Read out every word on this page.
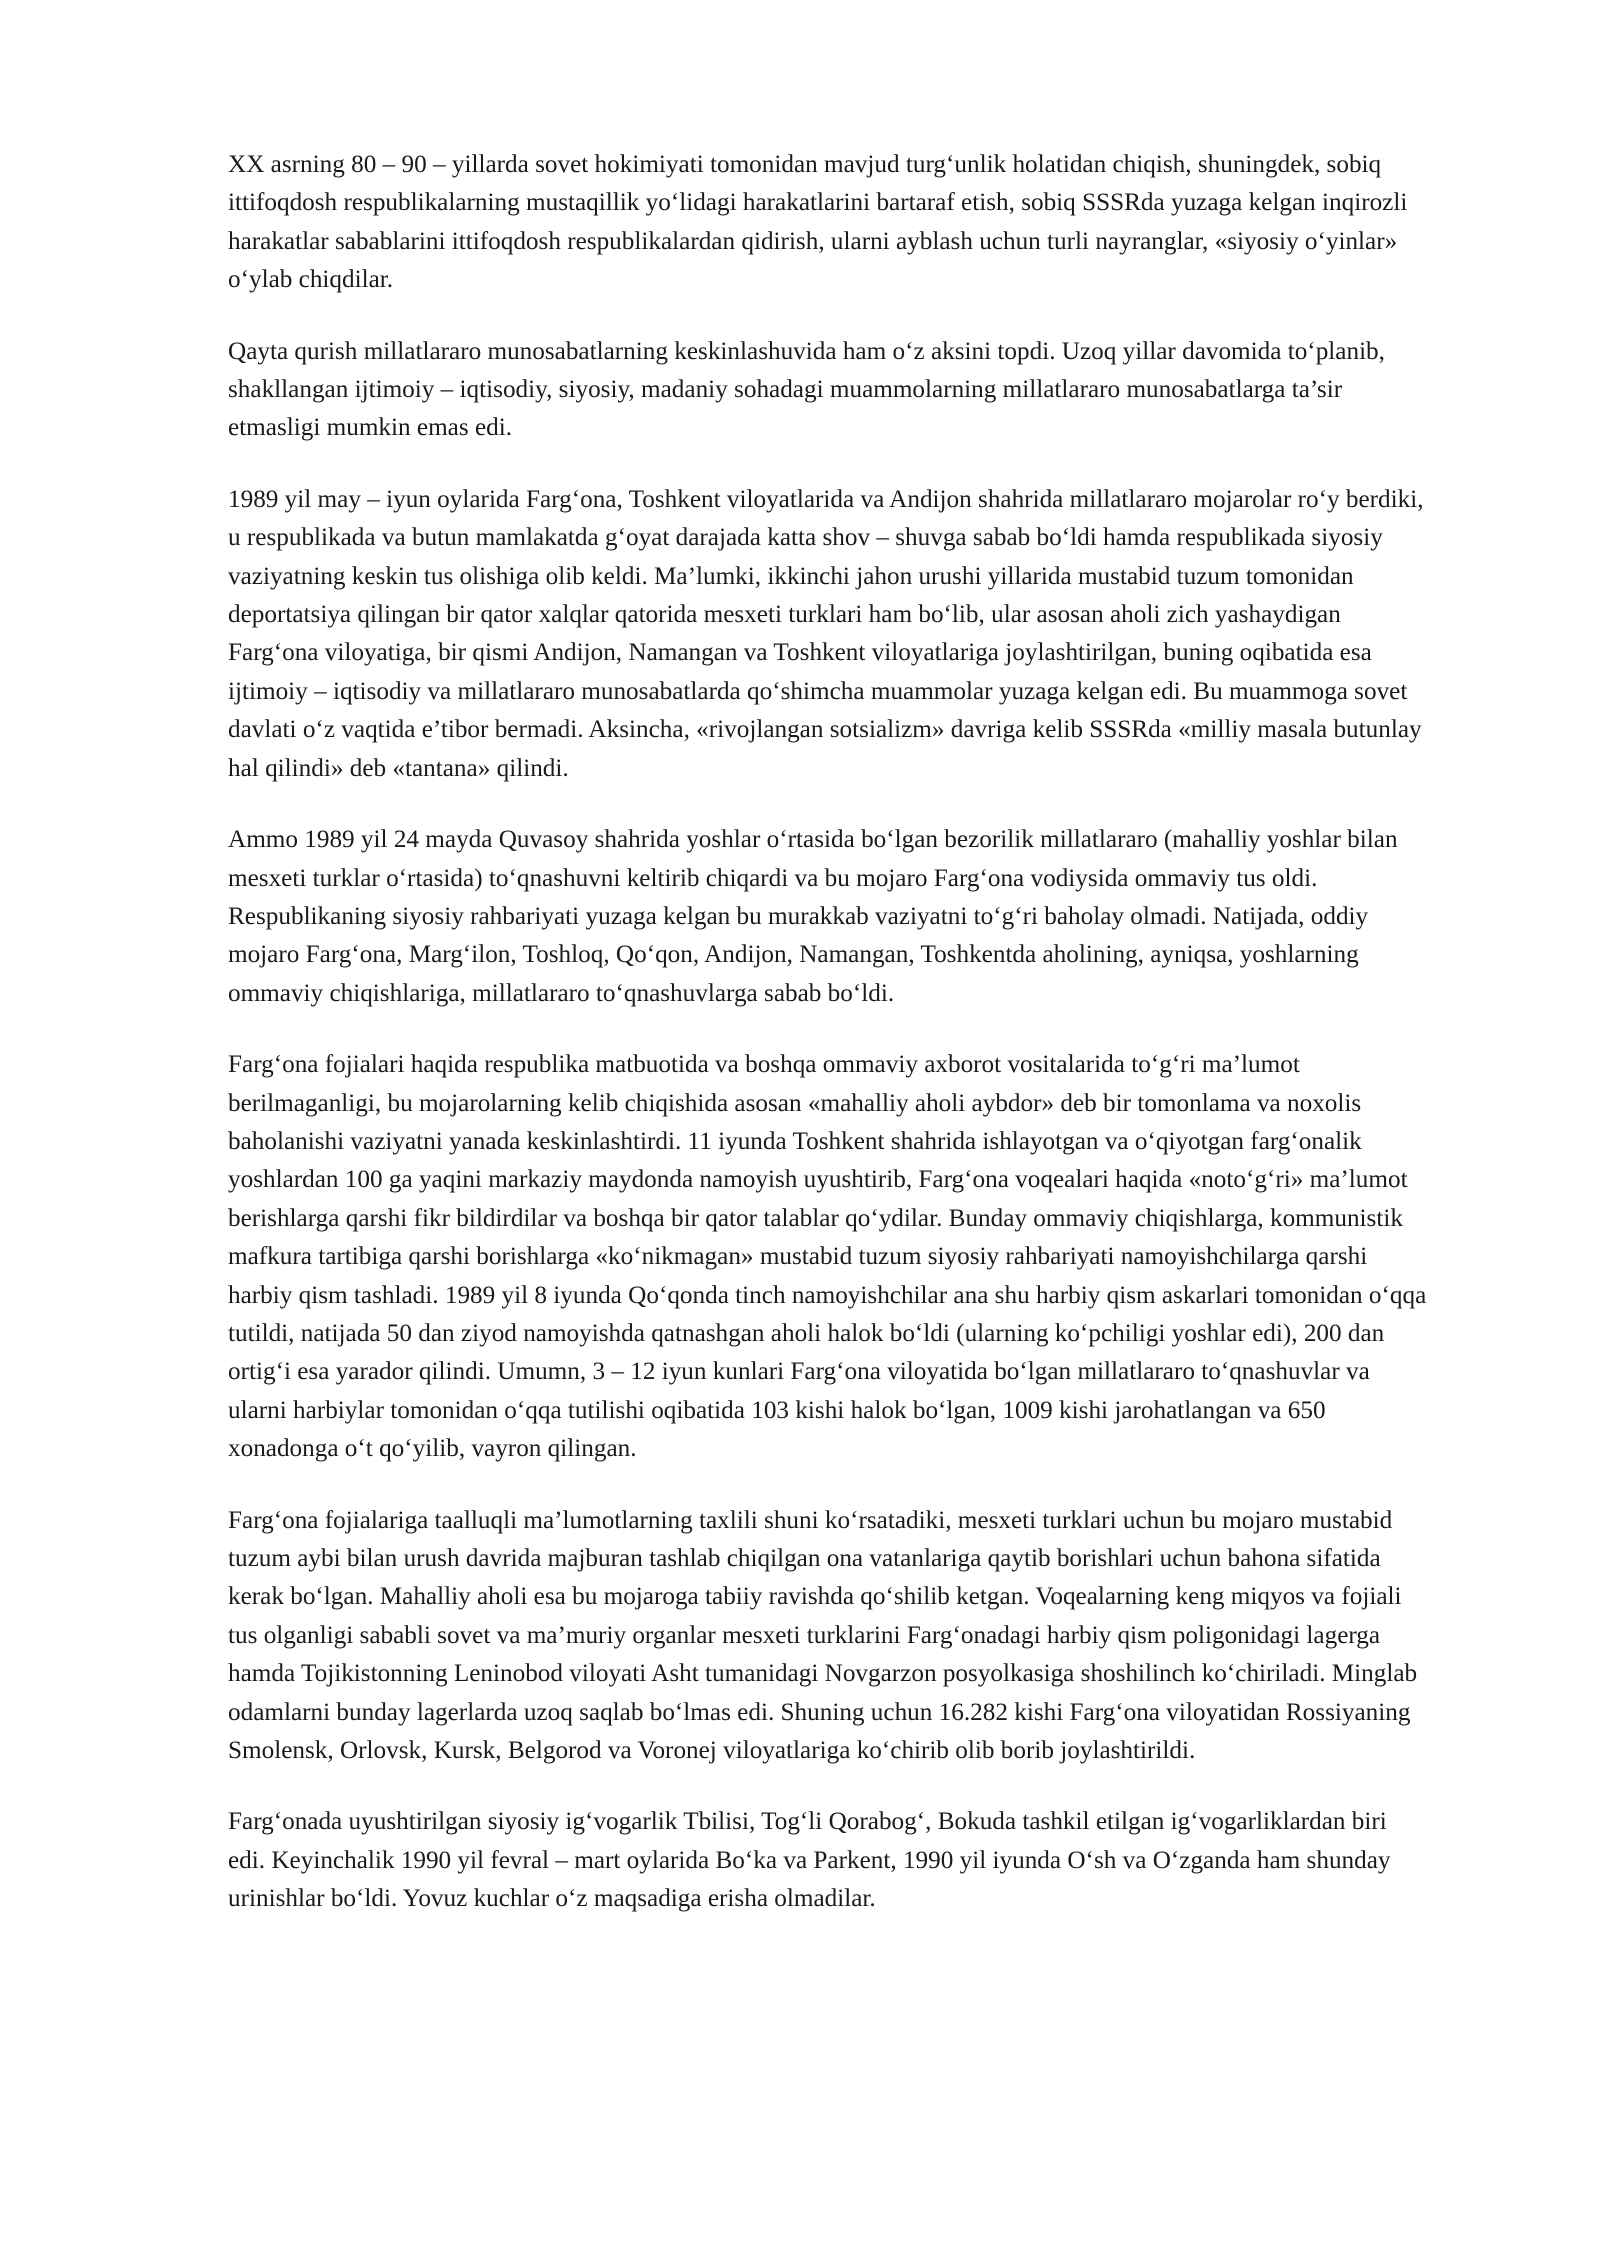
XX asrning 80 – 90 – yillarda sovet hokimiyati tomonidan mavjud turg‘unlik holatidan chiqish, shuningdek, sobiq ittifoqdosh respublikalarning mustaqillik yo‘lidagi harakatlarini bartaraf etish, sobiq SSSRda yuzaga kelgan inqirozli harakatlar sabablarini ittifoqdosh respublikalardan qidirish, ularni ayblash uchun turli nayranglar, «siyosiy o‘yinlar» o‘ylab chiqdilar.

Qayta qurish millatlararo munosabatlarning keskinlashuvida ham o‘z aksini topdi. Uzoq yillar davomida to‘planib, shakllangan ijtimoiy – iqtisodiy, siyosiy, madaniy sohadagi muammolarning millatlararo munosabatlarga ta’sir etmasligi mumkin emas edi.

1989 yil may – iyun oylarida Farg‘ona, Toshkent viloyatlarida va Andijon shahrida millatlararo mojarolar ro‘y berdiki, u respublikada va butun mamlakatda g‘oyat darajada katta shov – shuvga sabab bo‘ldi hamda respublikada siyosiy vaziyatning keskin tus olishiga olib keldi. Ma’lumki, ikkinchi jahon urushi yillarida mustabid tuzum tomonidan deportatsiya qilingan bir qator xalqlar qatorida mesxeti turklari ham bo‘lib, ular asosan aholi zich yashaydigan Farg‘ona viloyatiga, bir qismi Andijon, Namangan va Toshkent viloyatlariga joylashtirilgan, buning oqibatida esa ijtimoiy – iqtisodiy va millatlararo munosabatlarda qo‘shimcha muammolar yuzaga kelgan edi. Bu muammoga sovet davlati o‘z vaqtida e’tibor bermadi. Aksincha, «rivojlangan sotsializm» davriga kelib SSSRda «milliy masala butunlay hal qilindi» deb «tantana» qilindi.

Ammo 1989 yil 24 mayda Quvasoy shahrida yoshlar o‘rtasida bo‘lgan bezorilik millatlararo (mahalliy yoshlar bilan mesxeti turklar o‘rtasida) to‘qnashuvni keltirib chiqardi va bu mojaro Farg‘ona vodiysida ommaviy tus oldi. Respublikaning siyosiy rahbariyati yuzaga kelgan bu murakkab vaziyatni to‘g‘ri baholay olmadi. Natijada, oddiy mojaro Farg‘ona, Marg‘ilon, Toshloq, Qo‘qon, Andijon, Namangan, Toshkentda aholining, ayniqsa, yoshlarning ommaviy chiqishlariga, millatlararo to‘qnashuvlarga sabab bo‘ldi.

Farg‘ona fojialari haqida respublika matbuotida va boshqa ommaviy axborot vositalarida to‘g‘ri ma’lumot berilmaganligi, bu mojarolarning kelib chiqishida asosan «mahalliy aholi aybdor» deb bir tomonlama va noxolis baholanishi vaziyatni yanada keskinlashtirdi. 11 iyunda Toshkent shahrida ishlayotgan va o‘qiyotgan farg‘onalik yoshlardan 100 ga yaqini markaziy maydonda namoyish uyushtirib, Farg‘ona voqealari haqida «noto‘g‘ri» ma’lumot berishlarga qarshi fikr bildirdilar va boshqa bir qator talablar qo‘ydilar. Bunday ommaviy chiqishlarga, kommunistik mafkura tartibiga qarshi borishlarga «ko‘nikmagan» mustabid tuzum siyosiy rahbariyati namoyishchilarga qarshi harbiy qism tashladi. 1989 yil 8 iyunda Qo‘qonda tinch namoyishchilar ana shu harbiy qism askarlari tomonidan o‘qqa tutildi, natijada 50 dan ziyod namoyishda qatnashgan aholi halok bo‘ldi (ularning ko‘pchiligi yoshlar edi), 200 dan ortig‘i esa yarador qilindi. Umumn, 3 – 12 iyun kunlari Farg‘ona viloyatida bo‘lgan millatlararo to‘qnashuvlar va ularni harbiylar tomonidan o‘qqa tutilishi oqibatida 103 kishi halok bo‘lgan, 1009 kishi jarohatlangan va 650 xonadonga o‘t qo‘yilib, vayron qilingan.

Farg‘ona fojialariga taalluqli ma’lumotlarning taxlili shuni ko‘rsatadiki, mesxeti turklari uchun bu mojaro mustabid tuzum aybi bilan urush davrida majburan tashlab chiqilgan ona vatanlariga qaytib borishlari uchun bahona sifatida kerak bo‘lgan. Mahalliy aholi esa bu mojaroga tabiiy ravishda qo‘shilib ketgan. Voqealarning keng miqyos va fojiali tus olganligi sababli sovet va ma’muriy organlar mesxeti turklarini Farg‘onadagi harbiy qism poligonidagi lagerga hamda Tojikistonning Leninobod viloyati Asht tumanidagi Novgarzon posyolkasiga shoshilinch ko‘chiriladi. Minglab odamlarni bunday lagerlarda uzoq saqlab bo‘lmas edi. Shuning uchun 16.282 kishi Farg‘ona viloyatidan Rossiyaning Smolensk, Orlovsk, Kursk, Belgorod va Voronej viloyatlariga ko‘chirib olib borib joylashtirildi.

Farg‘onada uyushtirilgan siyosiy ig‘vogarlik Tbilisi, Tog‘li Qorabog‘, Bokuda tashkil etilgan ig‘vogarliklardan biri edi. Keyinchalik 1990 yil fevral – mart oylarida Bo‘ka va Parkent, 1990 yil iyunda O‘sh va O‘zganda ham shunday urinishlar bo‘ldi. Yovuz kuchlar o‘z maqsadiga erisha olmadilar.
